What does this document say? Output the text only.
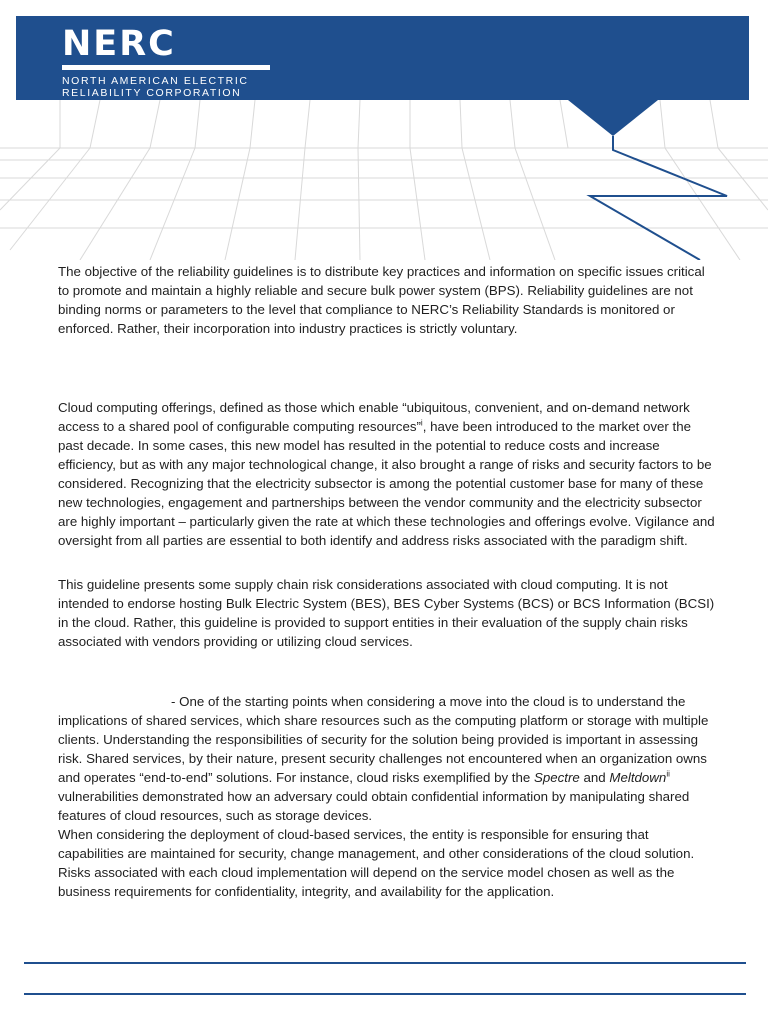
NERC
NORTH AMERICAN ELECTRIC
RELIABILITY CORPORATION

The objective of the reliability guidelines is to distribute key practices and information on specific issues critical to promote and maintain a highly reliable and secure bulk power system (BPS). Reliability guidelines are not binding norms or parameters to the level that compliance to NERC’s Reliability Standards is monitored or enforced. Rather, their incorporation into industry practices is strictly voluntary.

Cloud computing offerings, defined as those which enable “ubiquitous, convenient, and on-demand network access to a shared pool of configurable computing resources”$^i$, have been introduced to the market over the past decade. In some cases, this new model has resulted in the potential to reduce costs and increase efficiency, but as with any major technological change, it also brought a range of risks and security factors to be considered. Recognizing that the electricity subsector is among the potential customer base for many of these new technologies, engagement and partnerships between the vendor community and the electricity subsector are highly important – particularly given the rate at which these technologies and offerings evolve. Vigilance and oversight from all parties are essential to both identify and address risks associated with the paradigm shift.

This guideline presents some supply chain risk considerations associated with cloud computing. It is not intended to endorse hosting Bulk Electric System (BES), BES Cyber Systems (BCS) or BCS Information (BCSI) in the cloud. Rather, this guideline is provided to support entities in their evaluation of the supply chain risks associated with vendors providing or utilizing cloud services.

- One of the starting points when considering a move into the cloud is to understand the implications of shared services, which share resources such as the computing platform or storage with multiple clients. Understanding the responsibilities of security for the solution being provided is important in assessing risk. Shared services, by their nature, present security challenges not encountered when an organization owns and operates “end-to-end” solutions. For instance, cloud risks exemplified by the Spectre and Meltdown$^{ii}$ vulnerabilities demonstrated how an adversary could obtain confidential information by manipulating shared features of cloud resources, such as storage devices.

When considering the deployment of cloud-based services, the entity is responsible for ensuring that capabilities are maintained for security, change management, and other considerations of the cloud solution. Risks associated with each cloud implementation will depend on the service model chosen as well as the business requirements for confidentiality, integrity, and availability for the application.
